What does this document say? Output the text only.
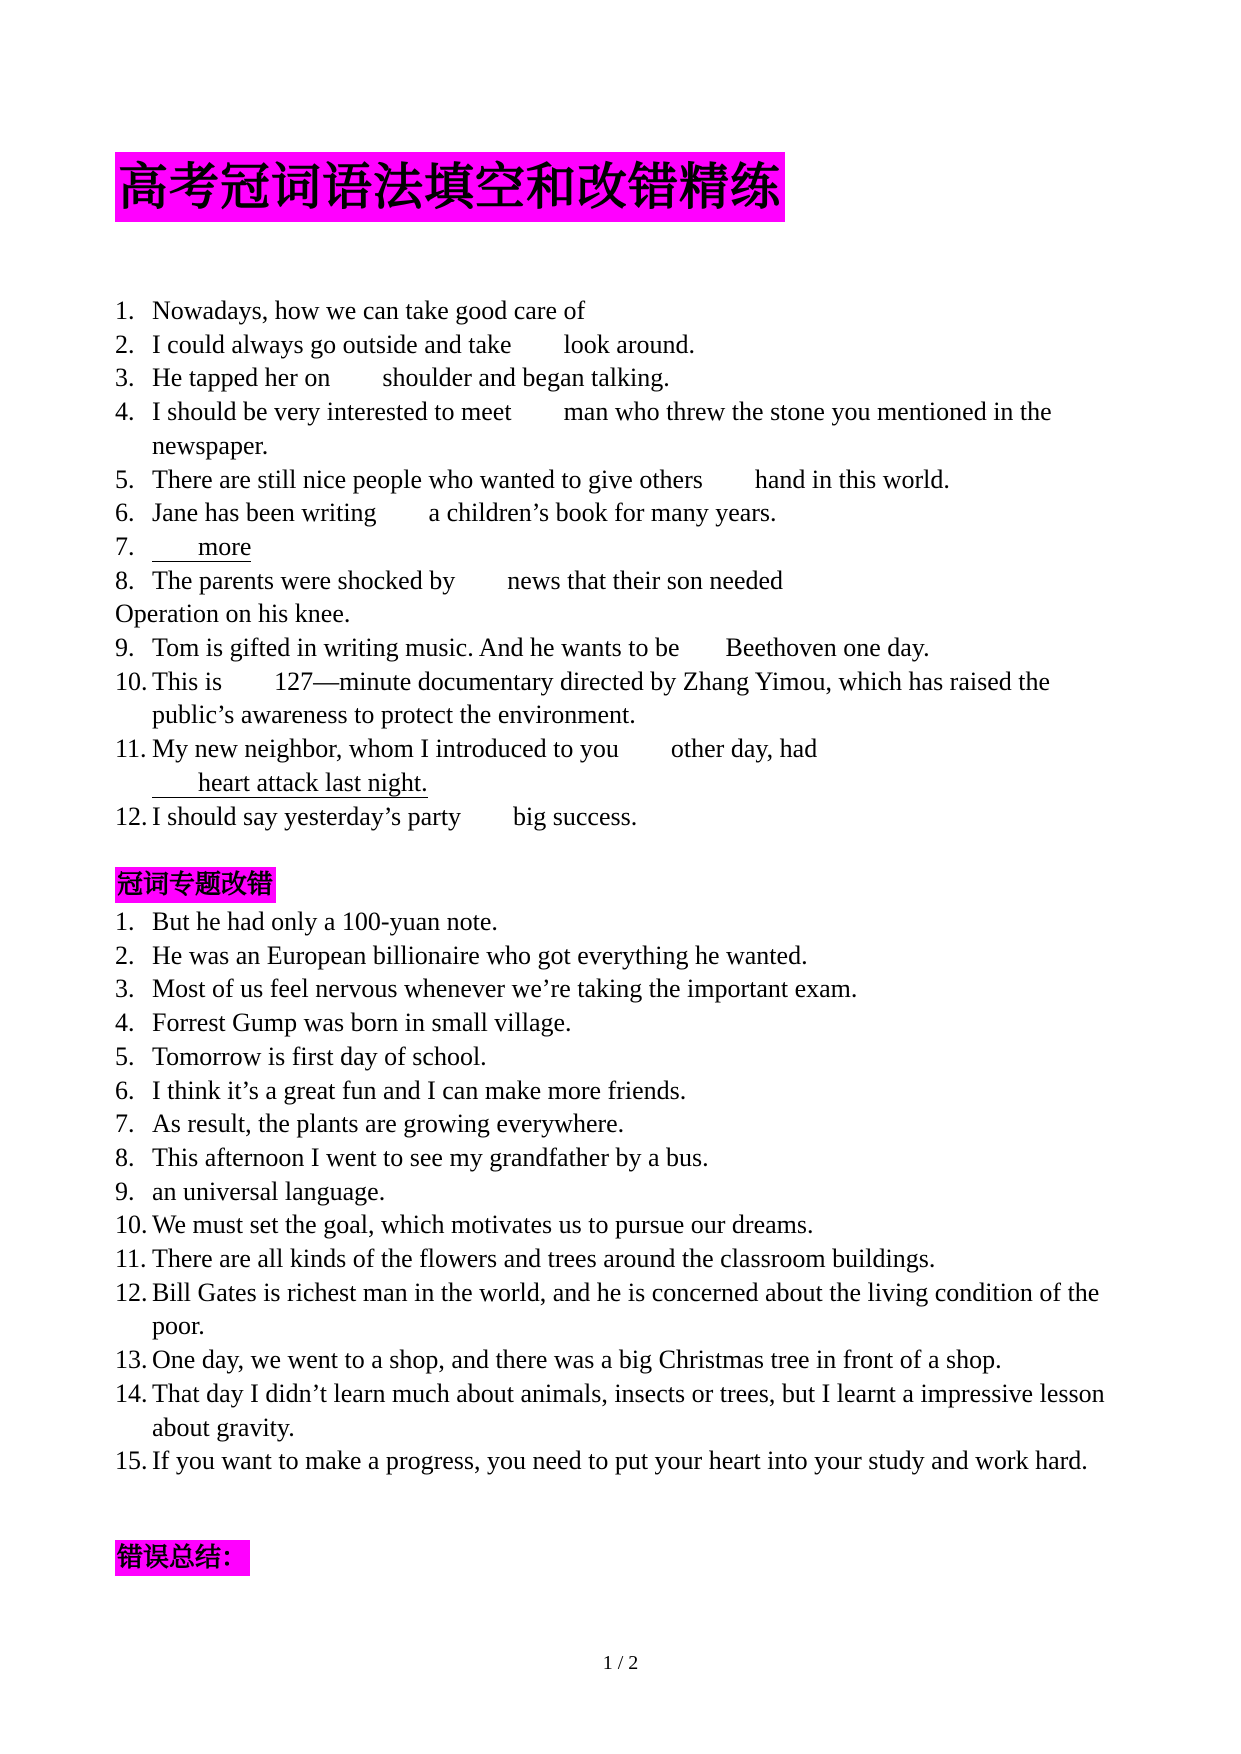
高考冠词语法填空和改错精练
1. Nowadays, how we can take good care of
2. I could always go outside and take look around.
3. He tapped her on shoulder and began talking.
4. I should be very interested to meet man who threw the stone you mentioned in the newspaper.
5. There are still nice people who wanted to give others hand in this world.
6. Jane has been writing a children’s book for many years.
7. more
8. The parents were shocked by news that their son needed
Operation on his knee.
9. Tom is gifted in writing music. And he wants to be Beethoven one day.
10. This is 127—minute documentary directed by Zhang Yimou, which has raised the public’s awareness to protect the environment.
11. My new neighbor, whom I introduced to you other day, had
heart attack last night.
12. I should say yesterday’s party big success.
冠词专题改错
1. But he had only a 100-yuan note.
2. He was an European billionaire who got everything he wanted.
3. Most of us feel nervous whenever we’re taking the important exam.
4. Forrest Gump was born in small village.
5. Tomorrow is first day of school.
6. I think it’s a great fun and I can make more friends.
7. As result, the plants are growing everywhere.
8. This afternoon I went to see my grandfather by a bus.
9. an universal language.
10. We must set the goal, which motivates us to pursue our dreams.
11. There are all kinds of the flowers and trees around the classroom buildings.
12. Bill Gates is richest man in the world, and he is concerned about the living condition of the poor.
13. One day, we went to a shop, and there was a big Christmas tree in front of a shop.
14. That day I didn’t learn much about animals, insects or trees, but I learnt a impressive lesson about gravity.
15. If you want to make a progress, you need to put your heart into your study and work hard.
错误总结：
1 / 2
